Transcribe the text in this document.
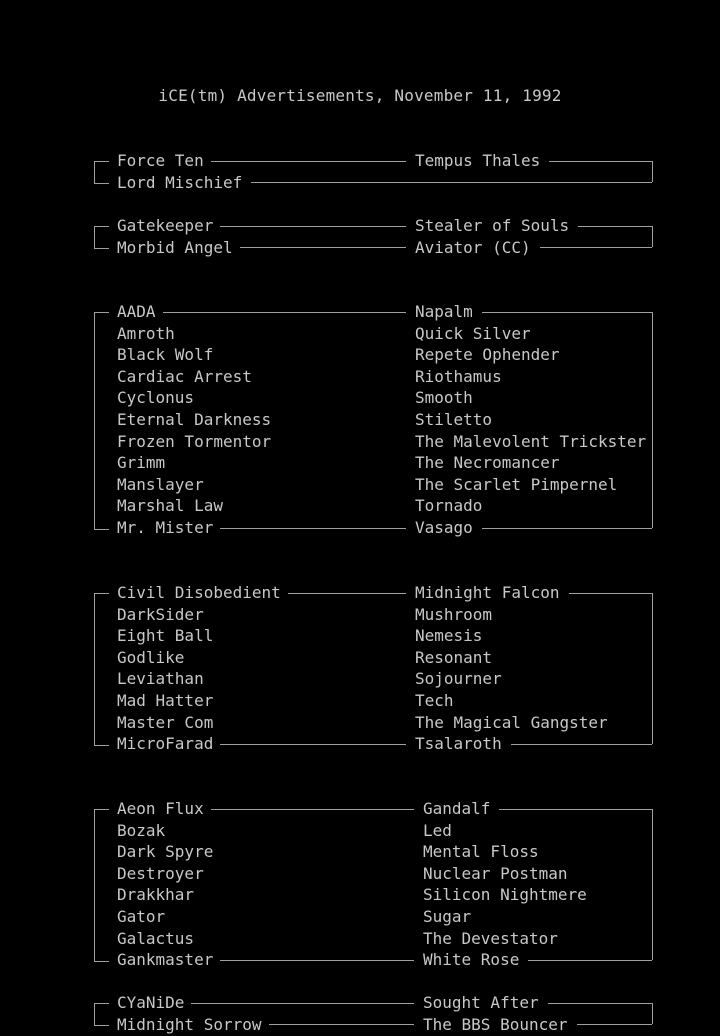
iCE(tm) Advertisements, November 11, 1992
Force Ten	Tempus Thales
Lord Mischief
Gatekeeper	Stealer of Souls
Morbid Angel	Aviator (CC)
AADA	Napalm
Amroth	Quick Silver
Black Wolf	Repete Ophender
Cardiac Arrest	Riothamus
Cyclonus	Smooth
Eternal Darkness	Stiletto
Frozen Tormentor	The Malevolent Trickster
Grimm	The Necromancer
Manslayer	The Scarlet Pimpernel
Marshal Law	Tornado
Mr. Mister	Vasago
Civil Disobedient	Midnight Falcon
DarkSider	Mushroom
Eight Ball	Nemesis
Godlike	Resonant
Leviathan	Sojourner
Mad Hatter	Tech
Master Com	The Magical Gangster
MicroFarad	Tsalaroth
Aeon Flux	Gandalf
Bozak	Led
Dark Spyre	Mental Floss
Destroyer	Nuclear Postman
Drakkhar	Silicon Nightmere
Gator	Sugar
Galactus	The Devestator
Gankmaster	White Rose
CYaNiDe	Sought After
Midnight Sorrow	The BBS Bouncer
